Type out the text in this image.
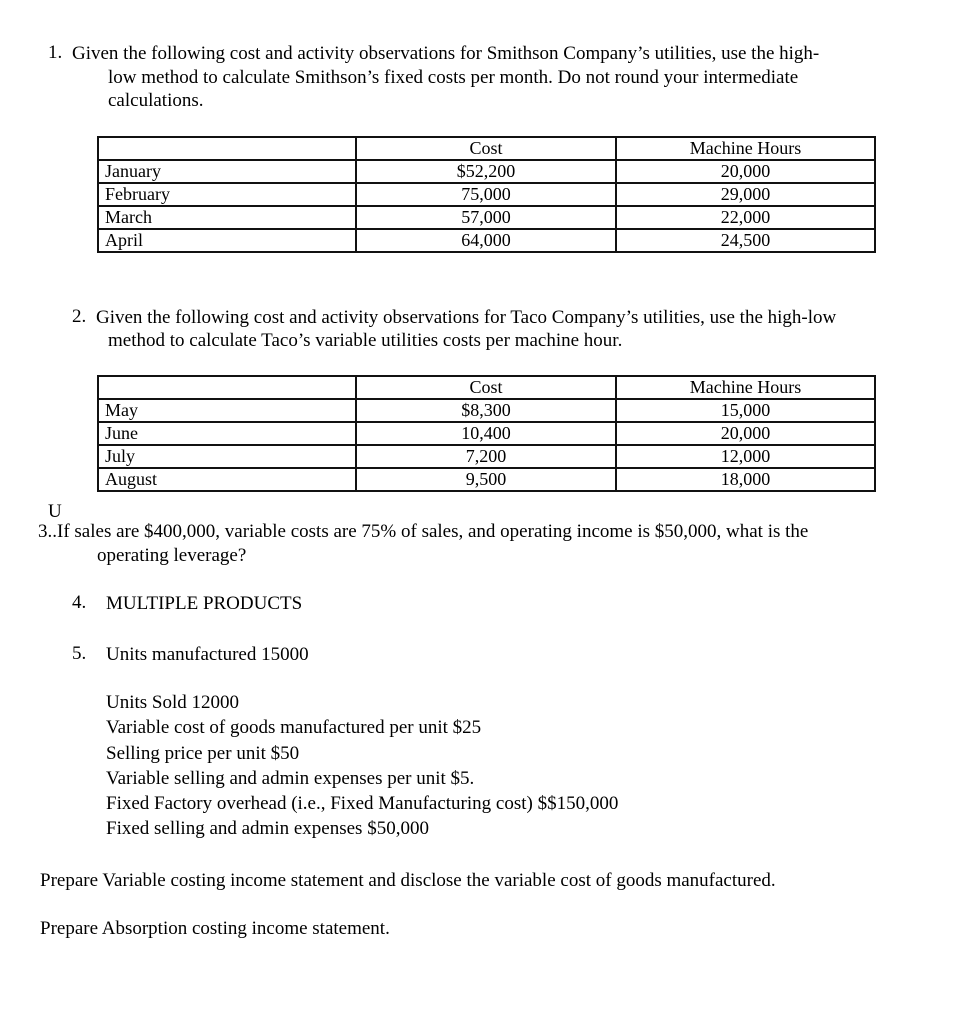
1. Given the following cost and activity observations for Smithson Company’s utilities, use the high-
low method to calculate Smithson’s fixed costs per month. Do not round your intermediate
calculations.
	Cost	Machine Hours
January	$52,200	20,000
February	75,000	29,000
March	57,000	22,000
April	64,000	24,500
2. Given the following cost and activity observations for Taco Company’s utilities, use the high-low
method to calculate Taco’s variable utilities costs per machine hour.
	Cost	Machine Hours
May	$8,300	15,000
June	10,400	20,000
July	7,200	12,000
August	9,500	18,000
U
3..If sales are $400,000, variable costs are 75% of sales, and operating income is $50,000, what is the
operating leverage?
4. MULTIPLE PRODUCTS
5. Units manufactured 15000
Units Sold 12000
Variable cost of goods manufactured per unit $25
Selling price per unit $50
Variable selling and admin expenses per unit $5.
Fixed Factory overhead (i.e., Fixed Manufacturing cost) $$150,000
Fixed selling and admin expenses $50,000
Prepare Variable costing income statement and disclose the variable cost of goods manufactured.
Prepare Absorption costing income statement.
